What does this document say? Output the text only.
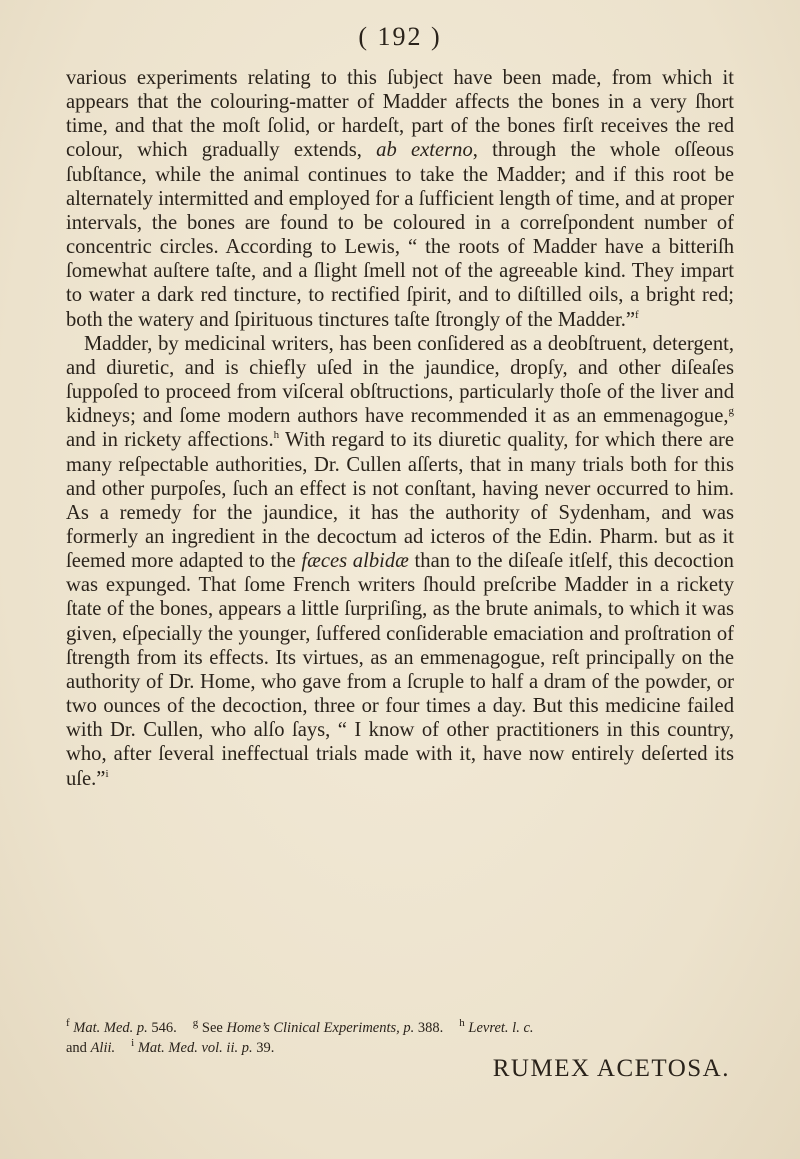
( 192 )

various experiments relating to this ſubject have been made, from which it appears that the colouring-matter of Madder affects the bones in a very ſhort time, and that the moſt ſolid, or hardeſt, part of the bones firſt receives the red colour, which gradually extends, ab externo, through the whole oſſeous ſubſtance, while the animal continues to take the Madder; and if this root be alternately intermitted and employed for a ſufficient length of time, and at proper intervals, the bones are found to be coloured in a correſpondent number of concentric circles. According to Lewis, “ the roots of Madder have a bitteriſh ſomewhat auſtere taſte, and a ſlight ſmell not of the agreeable kind. They impart to water a dark red tincture, to rectified ſpirit, and to diſtilled oils, a bright red; both the watery and ſpirituous tinctures taſte ſtrongly of the Madder.”$^f$

Madder, by medicinal writers, has been conſidered as a deobſtruent, detergent, and diuretic, and is chiefly uſed in the jaundice, dropſy, and other diſeaſes ſuppoſed to proceed from viſceral obſtructions, particularly thoſe of the liver and kidneys; and ſome modern authors have recommended it as an emmenagogue,$^g$ and in rickety affections.$^h$ With regard to its diuretic quality, for which there are many reſpectable authorities, Dr. Cullen aſſerts, that in many trials both for this and other purpoſes, ſuch an effect is not conſtant, having never occurred to him. As a remedy for the jaundice, it has the authority of Sydenham, and was formerly an ingredient in the decoctum ad icteros of the Edin. Pharm. but as it ſeemed more adapted to the fæces albidæ than to the diſeaſe itſelf, this decoction was expunged. That ſome French writers ſhould preſcribe Madder in a rickety ſtate of the bones, appears a little ſurpriſing, as the brute animals, to which it was given, eſpecially the younger, ſuffered conſiderable emaciation and proſtration of ſtrength from its effects. Its virtues, as an emmenagogue, reſt principally on the authority of Dr. Home, who gave from a ſcruple to half a dram of the powder, or two ounces of the decoction, three or four times a day. But this medicine failed with Dr. Cullen, who alſo ſays, “ I know of other practitioners in this country, who, after ſeveral ineffectual trials made with it, have now entirely deſerted its uſe.”$^i$

$^f$ Mat. Med. p. 546. $^g$ See Home’s Clinical Experiments, p. 388. $^h$ Levret. l. c.
and Alii. $^i$ Mat. Med. vol. ii. p. 39.
RUMEX ACETOSA.
